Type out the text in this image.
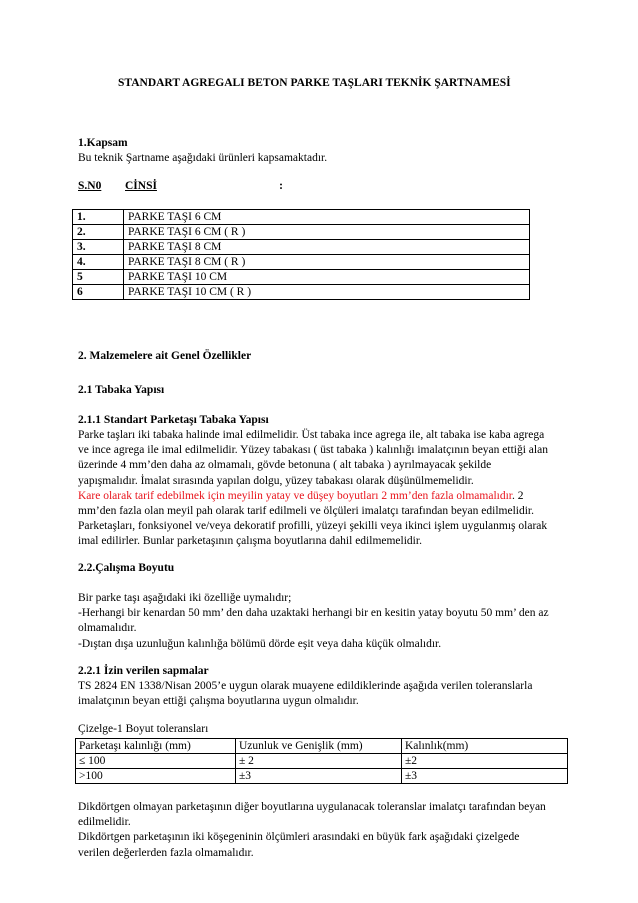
STANDART AGREGALI BETON PARKE TAŞLARI TEKNİK ŞARTNAMESİ
1.Kapsam
Bu teknik Şartname aşağıdaki ürünleri kapsamaktadır.
S.N0 CİNSİ	:
1.	PARKE TAŞI 6 CM
2.	PARKE TAŞI 6 CM ( R )
3.	PARKE TAŞI 8 CM
4.	PARKE TAŞI 8 CM ( R )
5	PARKE TAŞI 10 CM
6	PARKE TAŞI 10 CM ( R )
2. Malzemelere ait Genel Özellikler
2.1 Tabaka Yapısı
2.1.1 Standart Parketaşı Tabaka Yapısı
Parke taşları iki tabaka halinde imal edilmelidir. Üst tabaka ince agrega ile, alt tabaka ise kaba agrega
ve ince agrega ile imal edilmelidir. Yüzey tabakası ( üst tabaka ) kalınlığı imalatçının beyan ettiği alan
üzerinde 4 mm’den daha az olmamalı, gövde betonuna ( alt tabaka ) ayrılmayacak şekilde
yapışmalıdır. İmalat sırasında yapılan dolgu, yüzey tabakası olarak düşünülmemelidir.
Kare olarak tarif edebilmek için meyilin yatay ve düşey boyutları 2 mm’den fazla olmamalıdır. 2
mm’den fazla olan meyil pah olarak tarif edilmeli ve ölçüleri imalatçı tarafından beyan edilmelidir.
Parketaşları, fonksiyonel ve/veya dekoratif profilli, yüzeyi şekilli veya ikinci işlem uygulanmış olarak
imal edilirler. Bunlar parketaşının çalışma boyutlarına dahil edilmemelidir.
2.2.Çalışma Boyutu
Bir parke taşı aşağıdaki iki özelliğe uymalıdır;
-Herhangi bir kenardan 50 mm’ den daha uzaktaki herhangi bir en kesitin yatay boyutu 50 mm’ den az
olmamalıdır.
-Dıştan dışa uzunluğun kalınlığa bölümü dörde eşit veya daha küçük olmalıdır.
2.2.1 İzin verilen sapmalar
TS 2824 EN 1338/Nisan 2005’e uygun olarak muayene edildiklerinde aşağıda verilen toleranslarla
imalatçının beyan ettiği çalışma boyutlarına uygun olmalıdır.
Çizelge-1 Boyut toleransları
Parketaşı kalınlığı (mm)	Uzunluk ve Genişlik (mm)	Kalınlık(mm)
≤ 100	± 2	±2
>100	±3	±3
Dikdörtgen olmayan parketaşının diğer boyutlarına uygulanacak toleranslar imalatçı tarafından beyan
edilmelidir.
Dikdörtgen parketaşının iki köşegeninin ölçümleri arasındaki en büyük fark aşağıdaki çizelgede
verilen değerlerden fazla olmamalıdır.
